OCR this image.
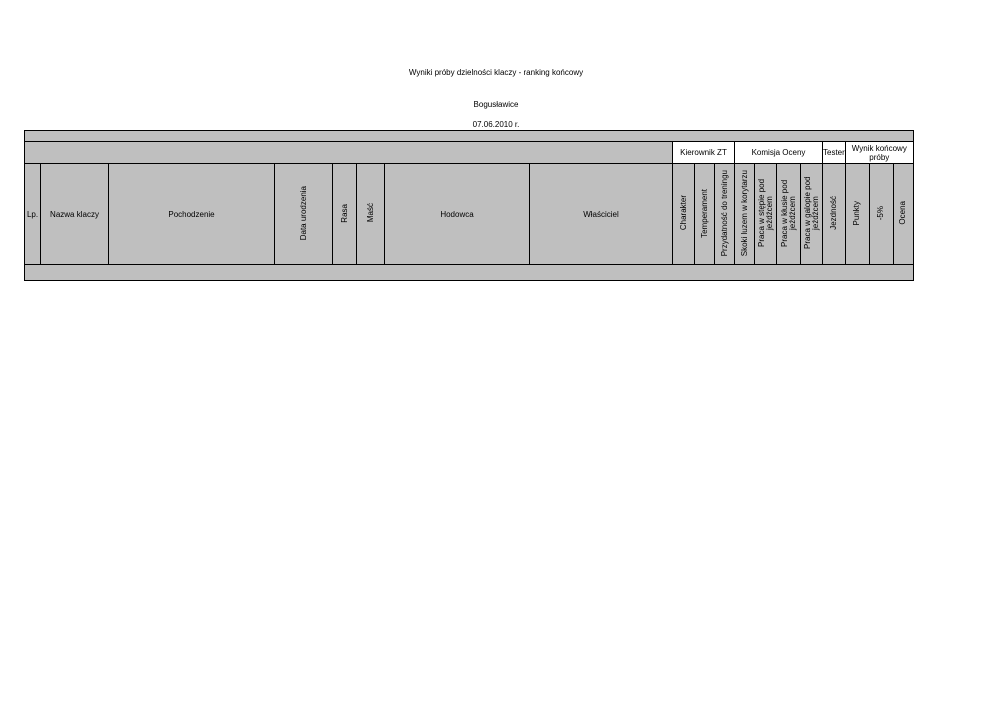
Wyniki próby dzielności klaczy - ranking końcowy
Bogusławice
07.06.2010 r.

								Kierownik ZT			Komisja Oceny				Tester	Wynik końcowy próby		
Lp.	Nazwa klaczy	Pochodzenie	Data urodzenia	Rasa	Maść	Hodowca	Właściciel	Charakter	Temperament	Przydatność do treningu	Skoki luzem w korytarzu	Praca w stępie pod jeźdźcem	Praca w kłusie pod jeźdźcem	Praca w galopie pod jeźdźcem	Jezdność	Punkty	-5%	Ocena
